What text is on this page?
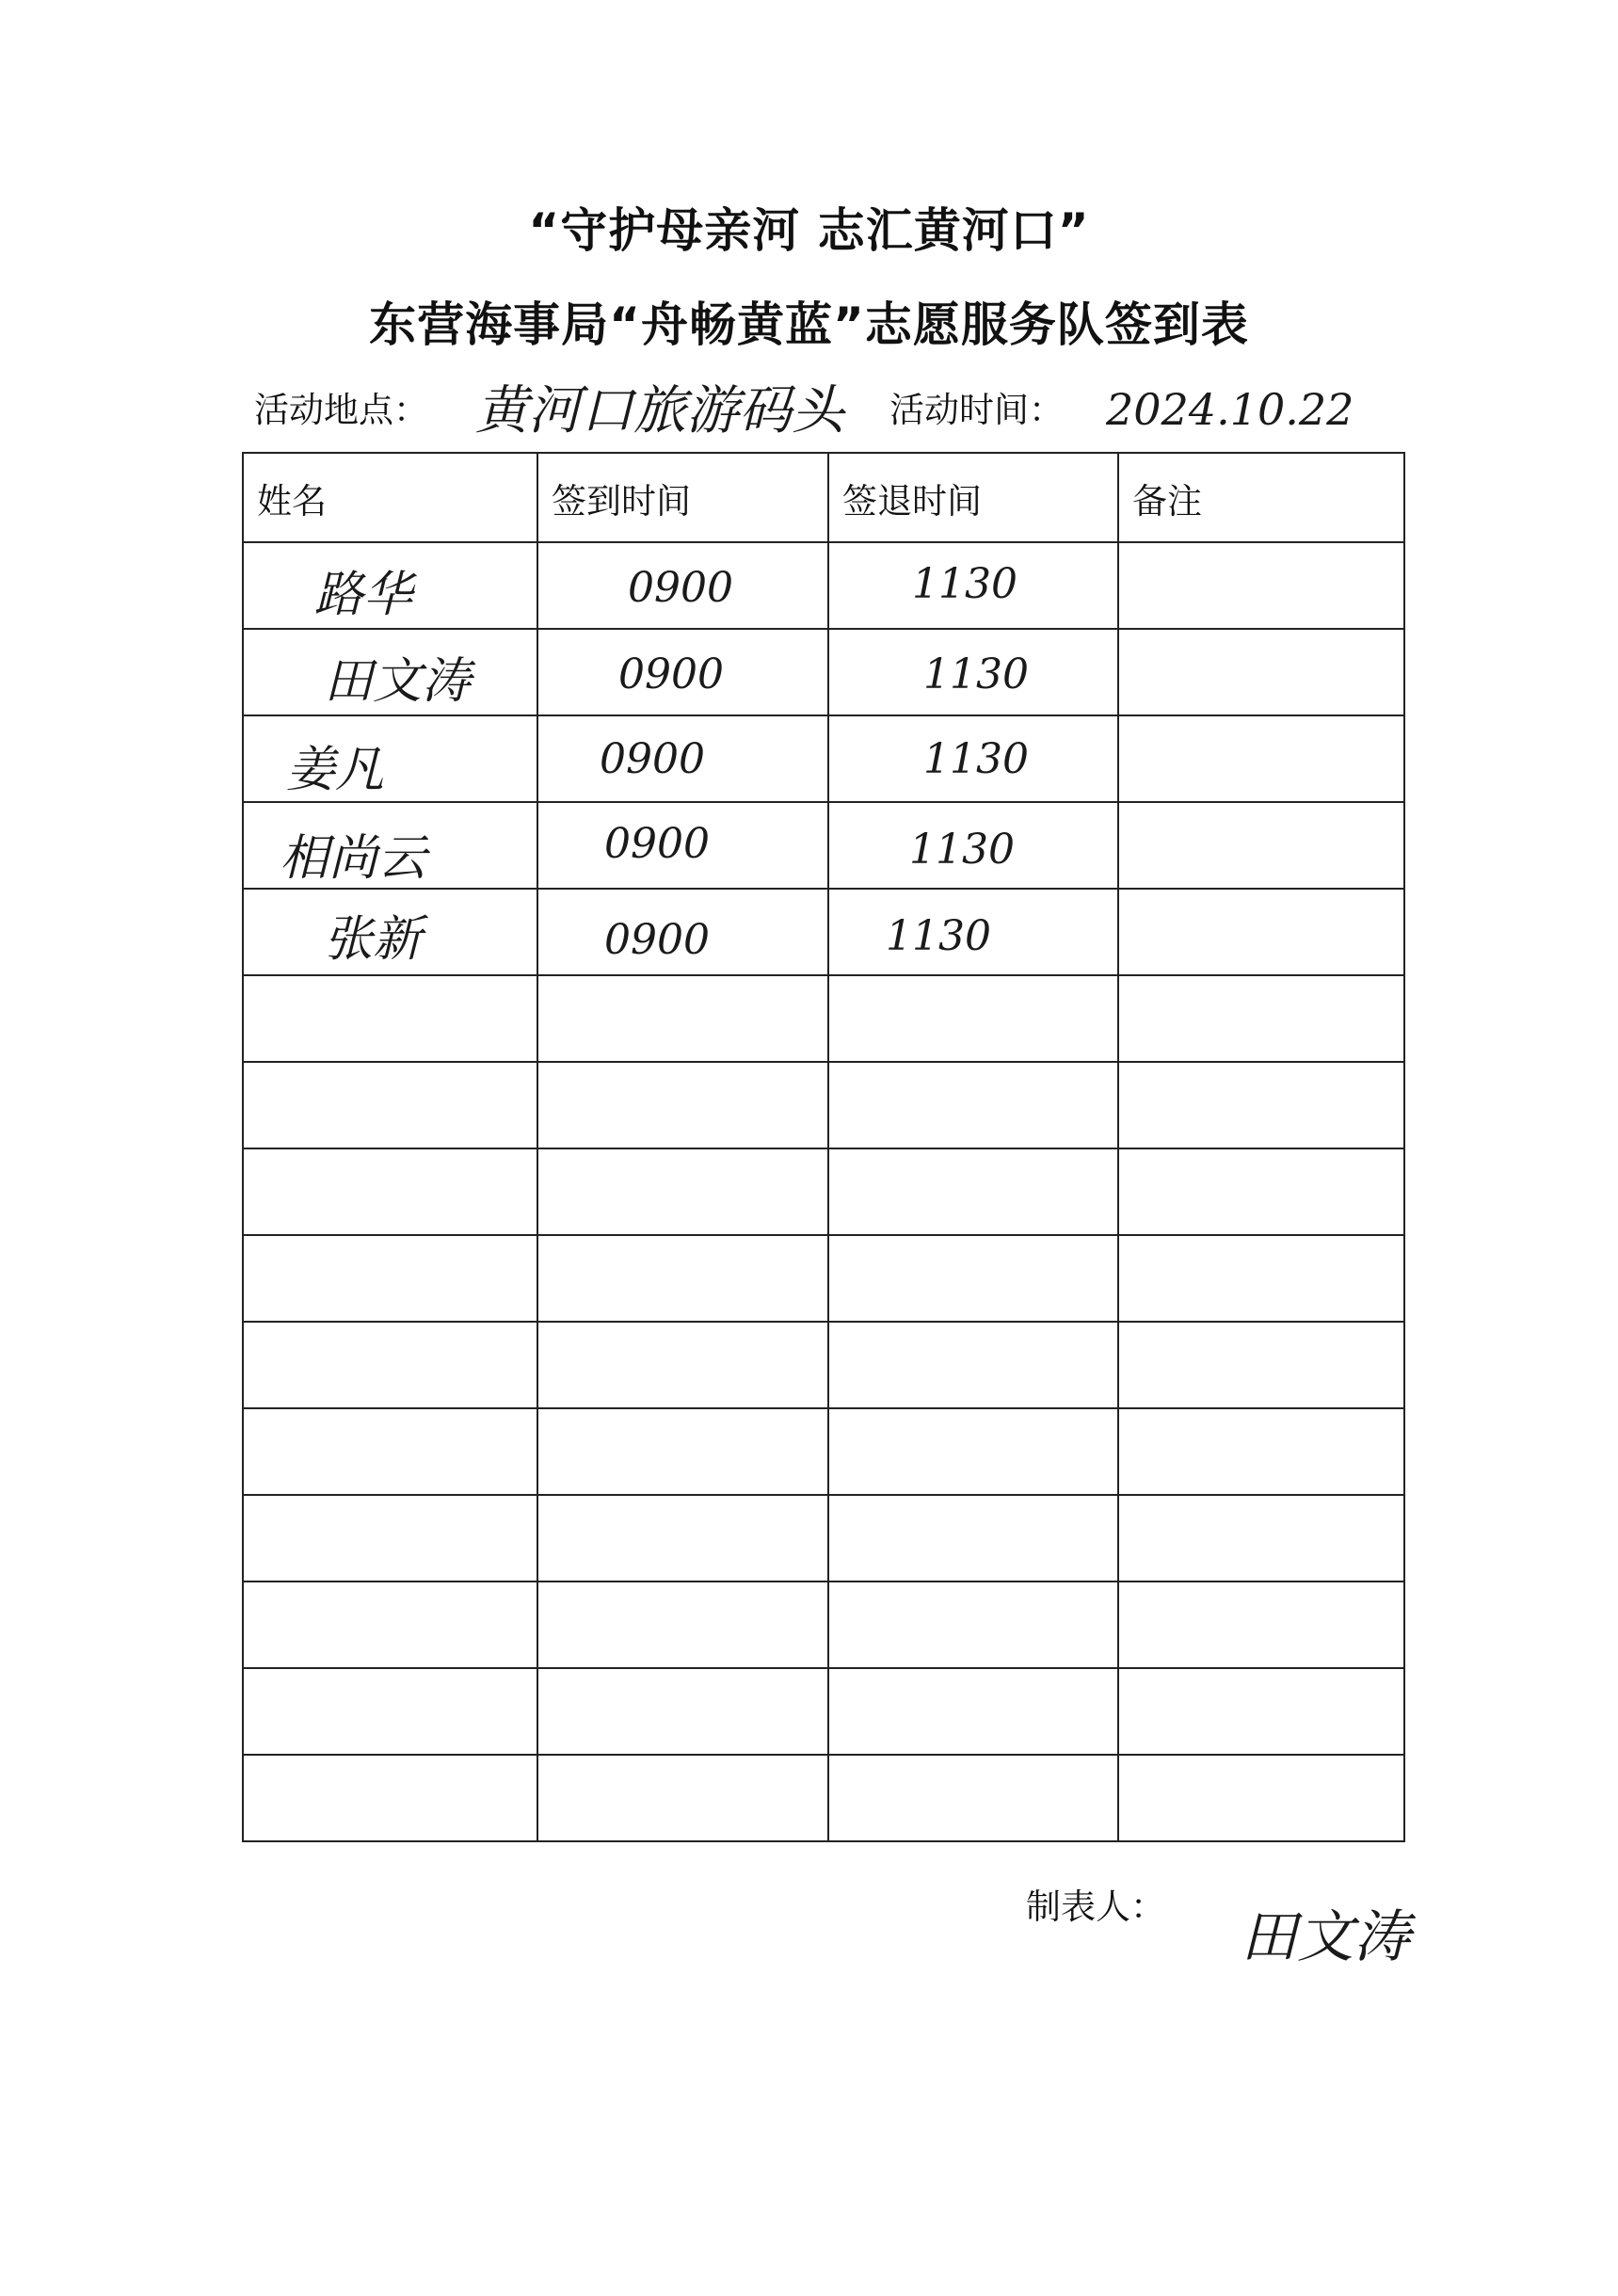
“守护母亲河 志汇黄河口”
东营海事局“舟畅黄蓝”志愿服务队签到表
活动地点： 黄河口旅游码头 活动时间： 2024.10.22
姓名	签到时间	签退时间	备注

路华	0900	1130	

田文涛	0900	1130	

姜凡	0900	1130	

相尚云	0900	1130	

张新	0900	1130	

制表人： 田文涛
